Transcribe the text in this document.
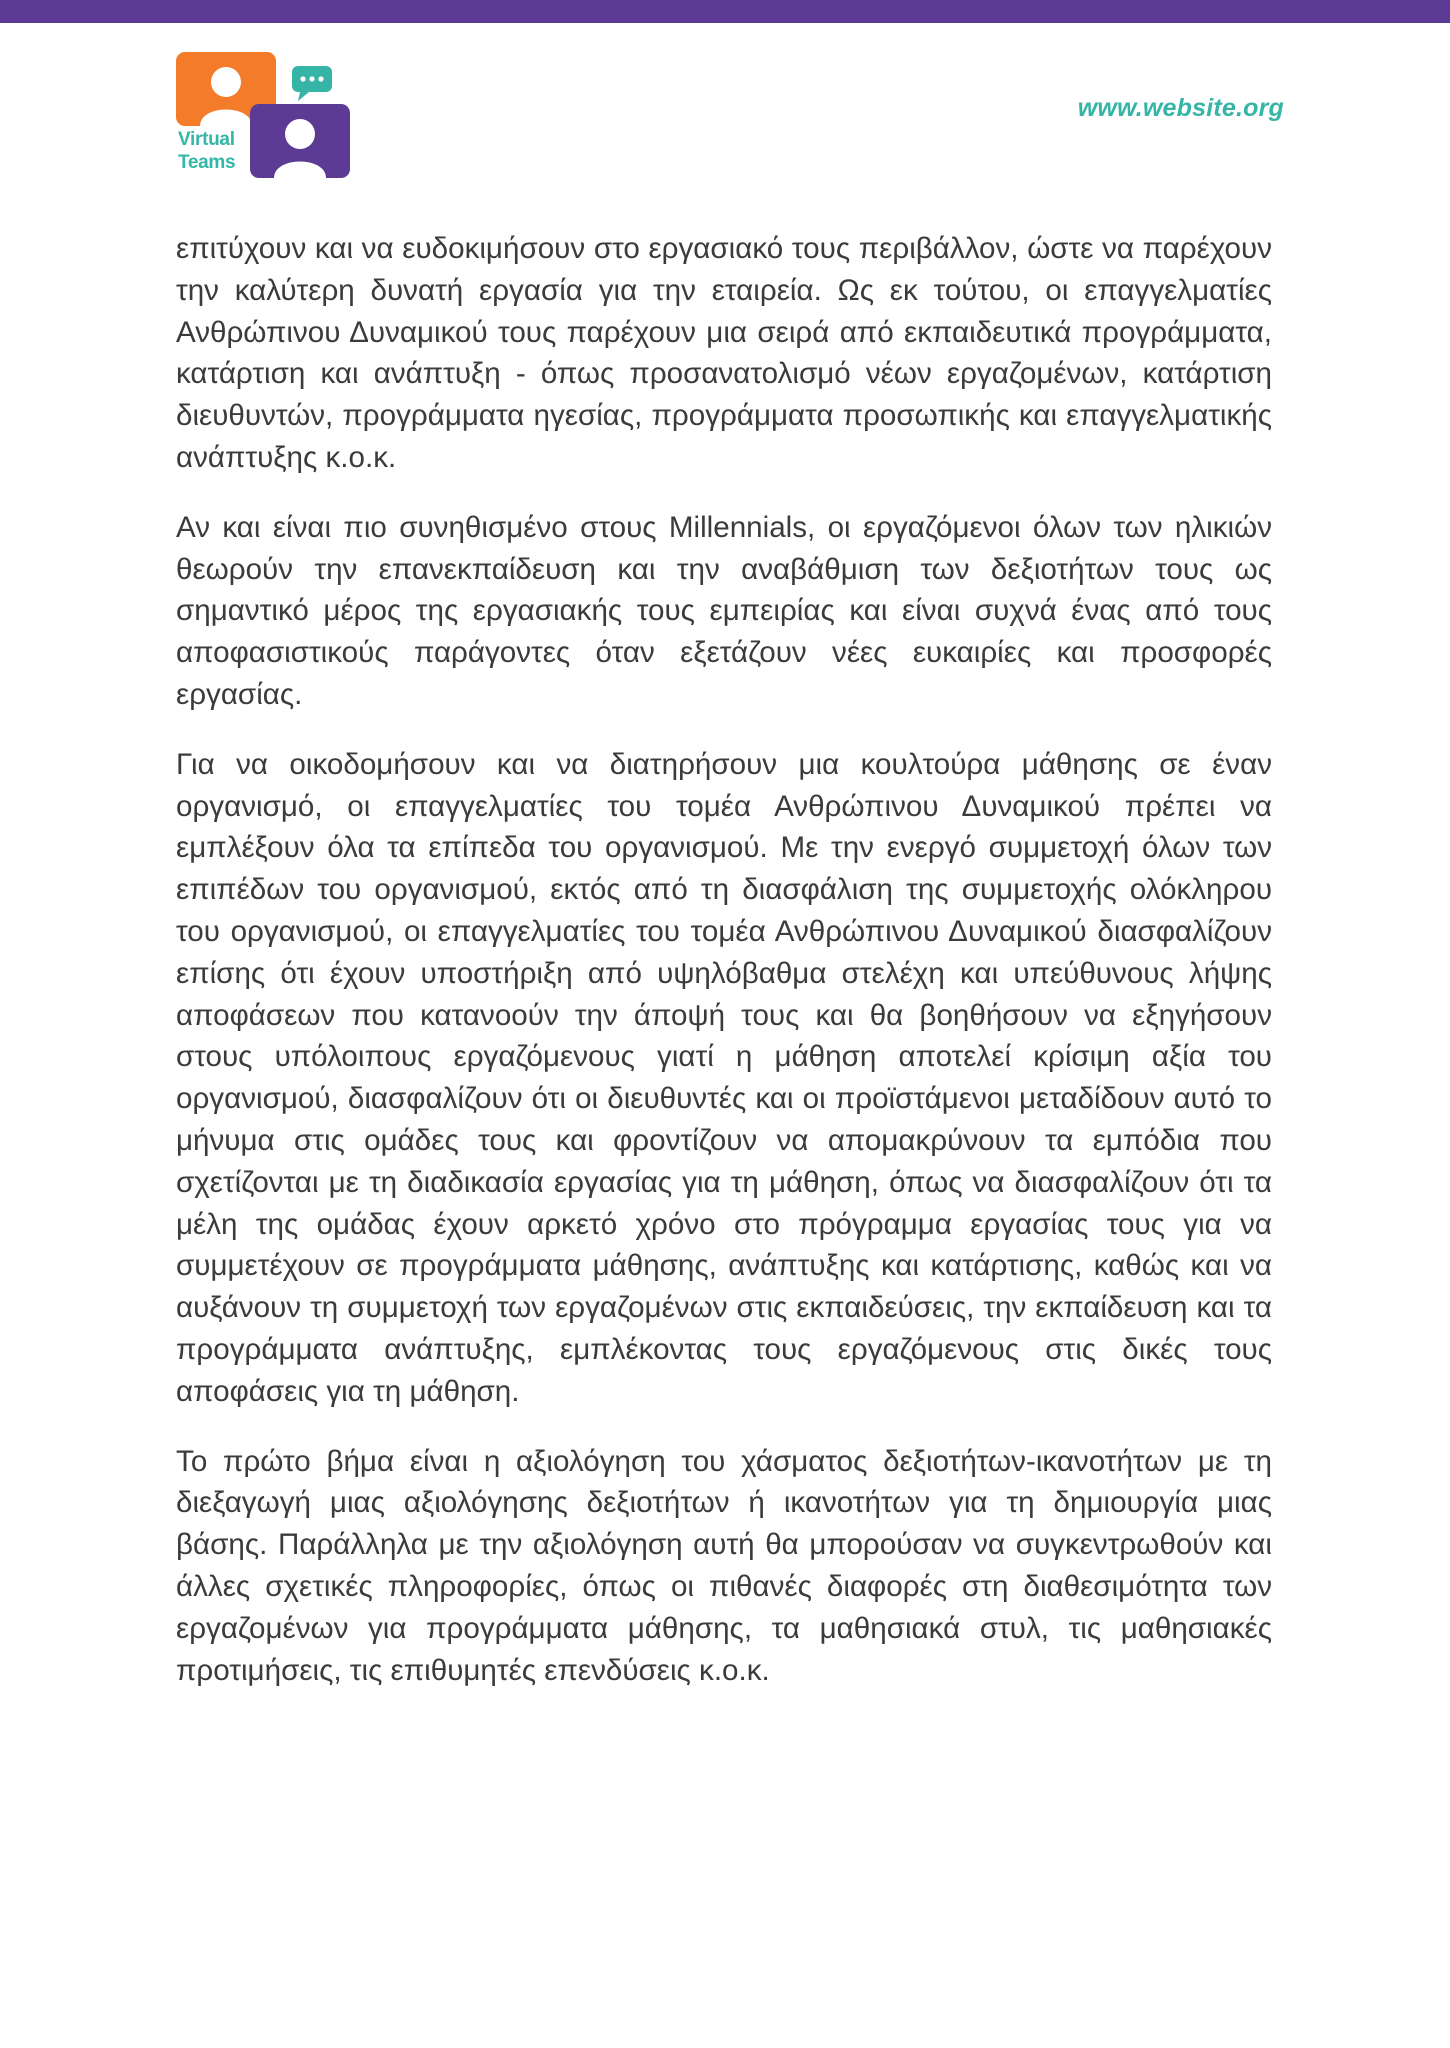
Virtual
Teams
www.website.org

επιτύχουν και να ευδοκιμήσουν στο εργασιακό τους περιβάλλον, ώστε να παρέχουν την καλύτερη δυνατή εργασία για την εταιρεία. Ως εκ τούτου, οι επαγγελματίες Ανθρώπινου Δυναμικού τους παρέχουν μια σειρά από εκπαιδευτικά προγράμματα, κατάρτιση και ανάπτυξη - όπως προσανατολισμό νέων εργαζομένων, κατάρτιση διευθυντών, προγράμματα ηγεσίας, προγράμματα προσωπικής και επαγγελματικής ανάπτυξης κ.ο.κ.

Αν και είναι πιο συνηθισμένο στους Millennials, οι εργαζόμενοι όλων των ηλικιών θεωρούν την επανεκπαίδευση και την αναβάθμιση των δεξιοτήτων τους ως σημαντικό μέρος της εργασιακής τους εμπειρίας και είναι συχνά ένας από τους αποφασιστικούς παράγοντες όταν εξετάζουν νέες ευκαιρίες και προσφορές εργασίας.

Για να οικοδομήσουν και να διατηρήσουν μια κουλτούρα μάθησης σε έναν οργανισμό, οι επαγγελματίες του τομέα Ανθρώπινου Δυναμικού πρέπει να εμπλέξουν όλα τα επίπεδα του οργανισμού. Με την ενεργό συμμετοχή όλων των επιπέδων του οργανισμού, εκτός από τη διασφάλιση της συμμετοχής ολόκληρου του οργανισμού, οι επαγγελματίες του τομέα Ανθρώπινου Δυναμικού διασφαλίζουν επίσης ότι έχουν υποστήριξη από υψηλόβαθμα στελέχη και υπεύθυνους λήψης αποφάσεων που κατανοούν την άποψή τους και θα βοηθήσουν να εξηγήσουν στους υπόλοιπους εργαζόμενους γιατί η μάθηση αποτελεί κρίσιμη αξία του οργανισμού, διασφαλίζουν ότι οι διευθυντές και οι προϊστάμενοι μεταδίδουν αυτό το μήνυμα στις ομάδες τους και φροντίζουν να απομακρύνουν τα εμπόδια που σχετίζονται με τη διαδικασία εργασίας για τη μάθηση, όπως να διασφαλίζουν ότι τα μέλη της ομάδας έχουν αρκετό χρόνο στο πρόγραμμα εργασίας τους για να συμμετέχουν σε προγράμματα μάθησης, ανάπτυξης και κατάρτισης, καθώς και να αυξάνουν τη συμμετοχή των εργαζομένων στις εκπαιδεύσεις, την εκπαίδευση και τα προγράμματα ανάπτυξης, εμπλέκοντας τους εργαζόμενους στις δικές τους αποφάσεις για τη μάθηση.

Το πρώτο βήμα είναι η αξιολόγηση του χάσματος δεξιοτήτων-ικανοτήτων με τη διεξαγωγή μιας αξιολόγησης δεξιοτήτων ή ικανοτήτων για τη δημιουργία μιας βάσης. Παράλληλα με την αξιολόγηση αυτή θα μπορούσαν να συγκεντρωθούν και άλλες σχετικές πληροφορίες, όπως οι πιθανές διαφορές στη διαθεσιμότητα των εργαζομένων για προγράμματα μάθησης, τα μαθησιακά στυλ, τις μαθησιακές προτιμήσεις, τις επιθυμητές επενδύσεις κ.ο.κ.
